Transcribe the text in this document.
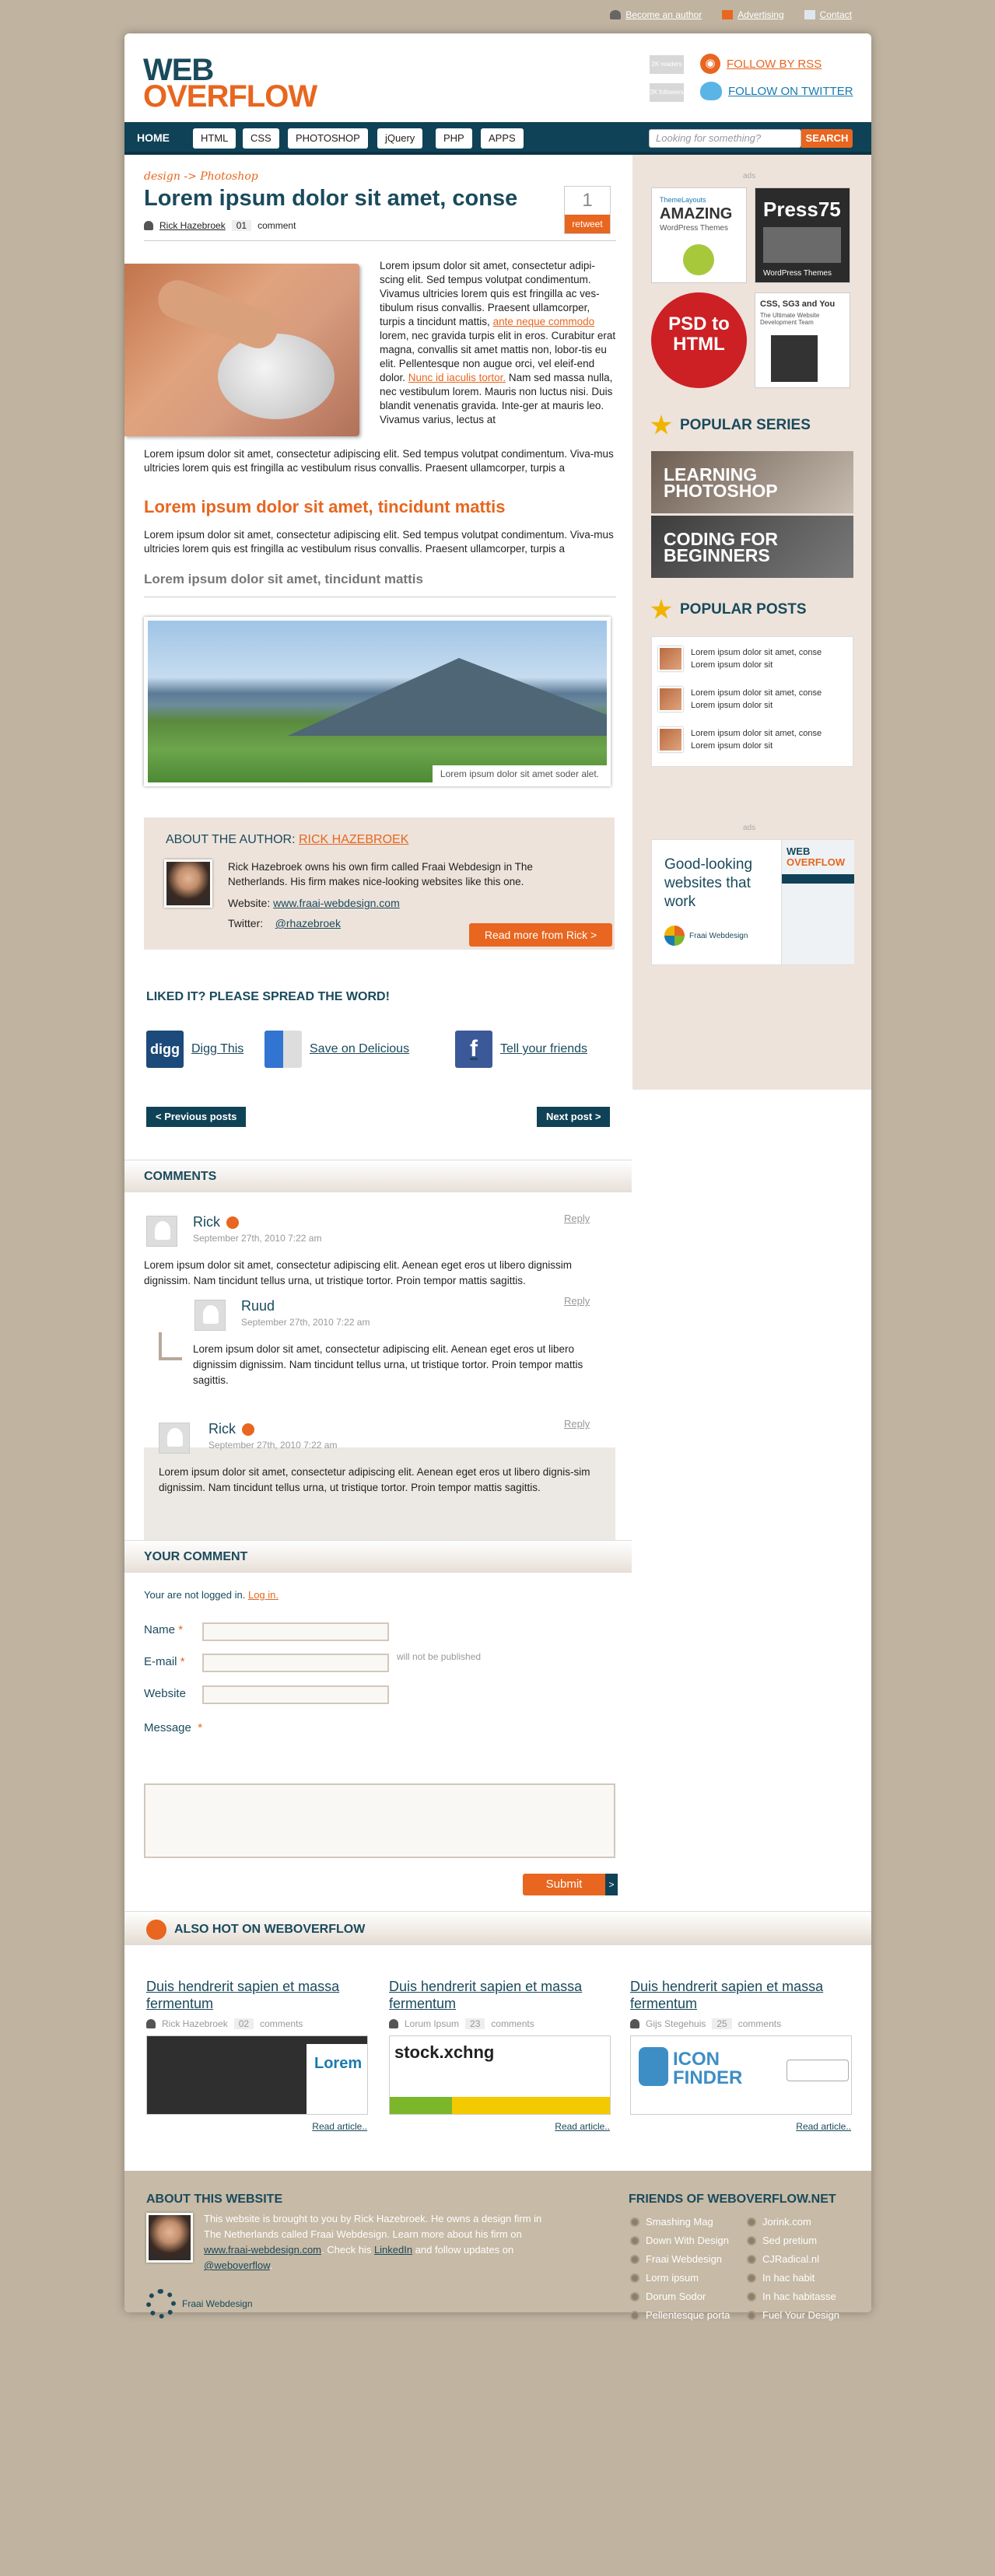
Become an author	Advertising	Contact
WEB
OVERFLOW
2K readers
2K followers
◉ FOLLOW BY RSS
FOLLOW ON TWITTER
HOME	HTML	CSS	PHOTOSHOP	jQuery	PHP	APPS	Looking for something?	SEARCH
design -> Photoshop
Lorem ipsum dolor sit amet, conse
Rick Hazebroek	01	comment
1
retweet
Lorem ipsum dolor sit amet, consectetur adipi-scing elit. Sed tempus volutpat condimentum. Vivamus ultricies lorem quis est fringilla ac ves-tibulum risus convallis. Praesent ullamcorper, turpis a tincidunt mattis, ante neque commodo lorem, nec gravida turpis elit in eros. Curabitur erat magna, convallis sit amet mattis non, lobor-tis eu elit. Pellentesque non augue orci, vel eleif-end dolor. Nunc id iaculis tortor. Nam sed massa nulla, nec vestibulum lorem. Mauris non luctus nisi. Duis blandit venenatis gravida. Inte-ger at mauris leo. Vivamus varius, lectus at
Lorem ipsum dolor sit amet, consectetur adipiscing elit. Sed tempus volutpat condimentum. Viva-mus ultricies lorem quis est fringilla ac vestibulum risus convallis. Praesent ullamcorper, turpis a
Lorem ipsum dolor sit amet, tincidunt mattis
Lorem ipsum dolor sit amet, consectetur adipiscing elit. Sed tempus volutpat condimentum. Viva-mus ultricies lorem quis est fringilla ac vestibulum risus convallis. Praesent ullamcorper, turpis a
Lorem ipsum dolor sit amet, tincidunt mattis
Lorem ipsum dolor sit amet soder alet.
ABOUT THE AUTHOR: RICK HAZEBROEK
Rick Hazebroek owns his own firm called Fraai Webdesign in The Netherlands. His firm makes nice-looking websites like this one.
Website: www.fraai-webdesign.com
Twitter: @rhazebroek
Read more from Rick >
LIKED IT? PLEASE SPREAD THE WORD!
digg Digg This	Save on Delicious	f	Tell your friends
< Previous posts	Next post >
COMMENTS
Rick
September 27th, 2010 7:22 am
Reply
Lorem ipsum dolor sit amet, consectetur adipiscing elit. Aenean eget eros ut libero dignissim dignissim. Nam tincidunt tellus urna, ut tristique tortor. Proin tempor mattis sagittis.
Ruud
September 27th, 2010 7:22 am
Reply
Lorem ipsum dolor sit amet, consectetur adipiscing elit. Aenean eget eros ut libero dignissim dignissim. Nam tincidunt tellus urna, ut tristique tortor. Proin tempor mattis sagittis.
Rick
September 27th, 2010 7:22 am
Reply
Lorem ipsum dolor sit amet, consectetur adipiscing elit. Aenean eget eros ut libero dignis-sim dignissim. Nam tincidunt tellus urna, ut tristique tortor. Proin tempor mattis sagittis.
YOUR COMMENT
Your are not logged in. Log in.
Name *
E-mail *	will not be published
Website
Message *
Submit	>
ALSO HOT ON WEBOVERFLOW
Duis hendrerit sapien et massa fermentum
Rick Hazebroek	02	comments
Lorem
Read article..
Duis hendrerit sapien et massa fermentum
Lorum Ipsum	23	comments
stock.xchng
Read article..
Duis hendrerit sapien et massa fermentum
Gijs Stegehuis	25	comments
ICON FINDER
Read article..
ABOUT THIS WEBSITE
This website is brought to you by Rick Hazebroek. He owns a design firm in The Netherlands called Fraai Webdesign. Learn more about his firm on www.fraai-webdesign.com. Check his LinkedIn and follow updates on @weboverflow.
Fraai Webdesign
FRIENDS OF WEBOVERFLOW.NET
Smashing Mag
Down With Design
Fraai Webdesign
Lorm ipsum
Dorum Sodor
Pellentesque porta
Jorink.com
Sed pretium
CJRadical.nl
In hac habit
In hac habitasse
Fuel Your Design
ads
ThemeLayouts
AMAZING
WordPress Themes
Press75
WordPress Themes
PSD to HTML
CSS, SG3 and You
The Ultimate Website Development Team
POPULAR SERIES
LEARNING PHOTOSHOP
CODING FOR BEGINNERS
POPULAR POSTS
Lorem ipsum dolor sit amet, conse Lorem ipsum dolor sit
Lorem ipsum dolor sit amet, conse Lorem ipsum dolor sit
Lorem ipsum dolor sit amet, conse Lorem ipsum dolor sit
ads
Good-looking websites that work
Fraai Webdesign
WEB
OVERFLOW
